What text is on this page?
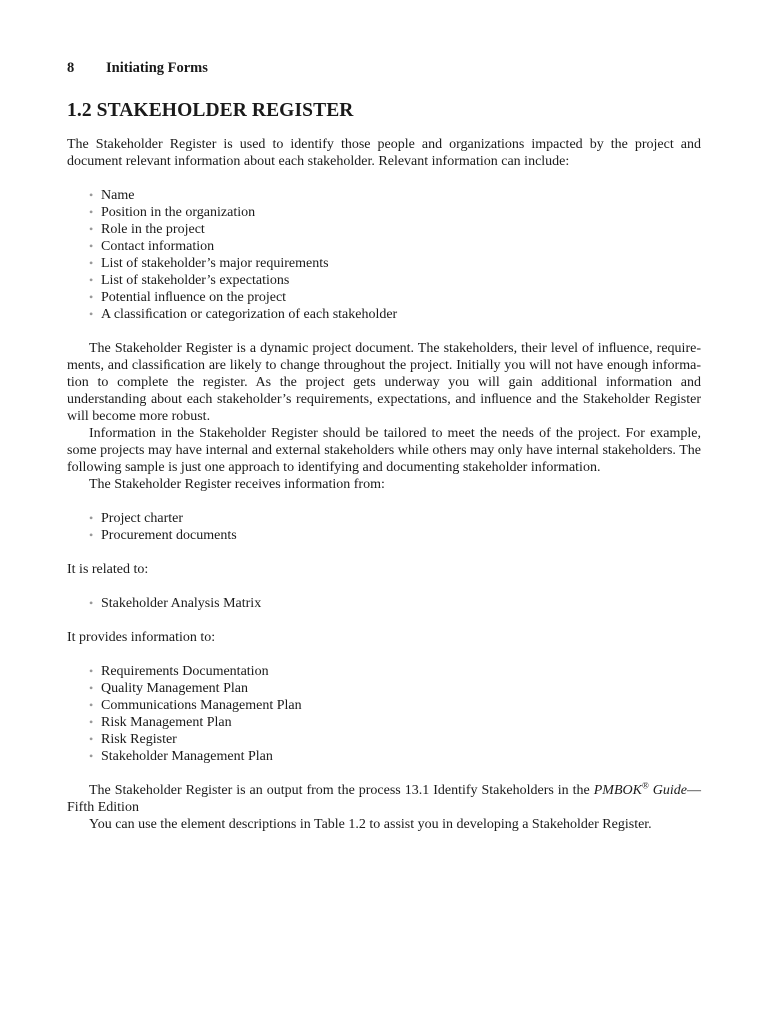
8 Initiating Forms
1.2 STAKEHOLDER REGISTER

The Stakeholder Register is used to identify those people and organizations impacted by the project and document relevant information about each stakeholder. Relevant information can include:

• Name
• Position in the organization
• Role in the project
• Contact information
• List of stakeholder’s major requirements
• List of stakeholder’s expectations
• Potential inﬂuence on the project
• A classiﬁcation or categorization of each stakeholder

The Stakeholder Register is a dynamic project document. The stakeholders, their level of inﬂuence, requirements, and classiﬁcation are likely to change throughout the project. Initially you will not have enough information to complete the register. As the project gets underway you will gain additional information and understanding about each stakeholder’s requirements, expectations, and inﬂuence and the Stakeholder Register will become more robust.

Information in the Stakeholder Register should be tailored to meet the needs of the project. For example, some projects may have internal and external stakeholders while others may only have internal stakeholders. The following sample is just one approach to identifying and documenting stakeholder information.

The Stakeholder Register receives information from:

• Project charter
• Procurement documents

It is related to:

• Stakeholder Analysis Matrix

It provides information to:

• Requirements Documentation
• Quality Management Plan
• Communications Management Plan
• Risk Management Plan
• Risk Register
• Stakeholder Management Plan

The Stakeholder Register is an output from the process 13.1 Identify Stakeholders in the PMBOK® Guide—Fifth Edition

You can use the element descriptions in Table 1.2 to assist you in developing a Stakeholder Register.
